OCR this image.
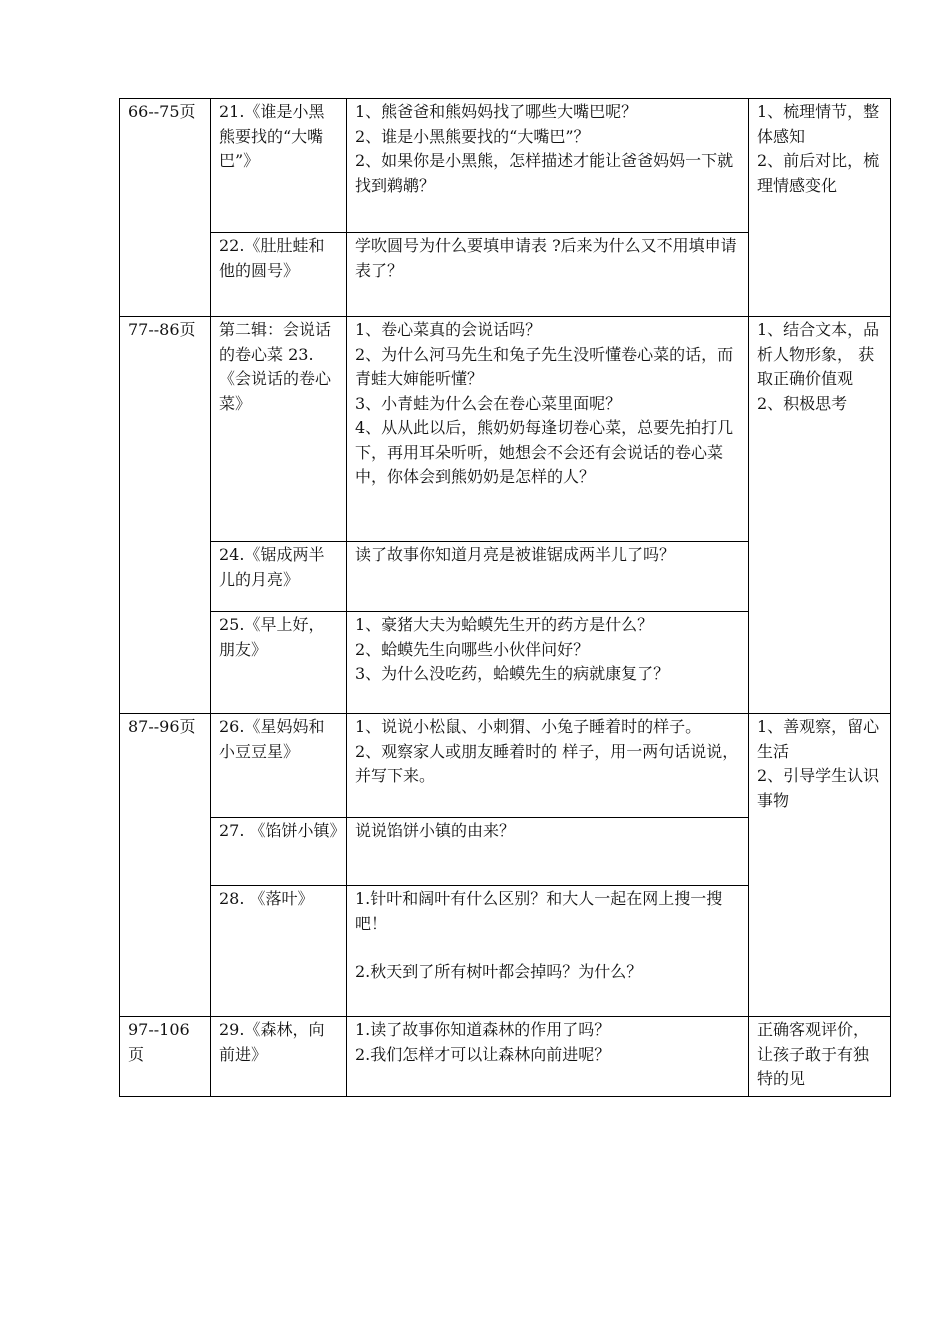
66--75页	21.《谁是小黑熊要找的“大嘴巴”》	1、熊爸爸和熊妈妈找了哪些大嘴巴呢？
2、谁是小黑熊要找的“大嘴巴”？
2、如果你是小黑熊，怎样描述才能让爸爸妈妈一下就找到鹈鹕？	1、梳理情节，整体感知
2、前后对比，梳理情感变化

	22.《肚肚蛙和他的圆号》	学吹圆号为什么要填申请表 ?后来为什么又不用填申请表了？	

77--86页	第二辑：会说话的卷心菜 23.《会说话的卷心菜》	1、卷心菜真的会说话吗？
2、为什么河马先生和兔子先生没听懂卷心菜的话，而青蛙大婶能听懂？
3、小青蛙为什么会在卷心菜里面呢？
4、从从此以后，熊奶奶每逢切卷心菜，总要先拍打几下，再用耳朵听听，她想会不会还有会说话的卷心菜中，你体会到熊奶奶是怎样的人？	1、结合文本，品析人物形象， 获取正确价值观
2、积极思考

	24.《锯成两半儿的月亮》	读了故事你知道月亮是被谁锯成两半儿了吗？	

	25.《早上好，朋友》	1、豪猪大夫为蛤蟆先生开的药方是什么？
2、蛤蟆先生向哪些小伙伴问好？
3、为什么没吃药，蛤蟆先生的病就康复了？	

87--96页	26.《星妈妈和小豆豆星》	1、说说小松鼠、小刺猬、小兔子睡着时的样子。
2、观察家人或朋友睡着时的 样子，用一两句话说说，并写下来。	1、善观察，留心生活
2、引导学生认识事物

	27. 《馅饼小镇》	说说馅饼小镇的由来？	

	28. 《落叶》	1.针叶和阔叶有什么区别？和大人一起在网上搜一搜吧！
2.秋天到了所有树叶都会掉吗？为什么？	

97--106页	29.《森林，向前进》	1.读了故事你知道森林的作用了吗？
2.我们怎样才可以让森林向前进呢？	正确客观评价，让孩子敢于有独特的见
